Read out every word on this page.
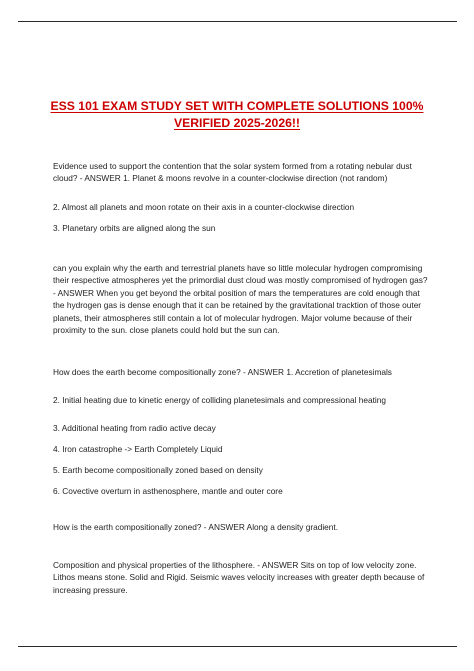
ESS 101 EXAM STUDY SET WITH COMPLETE SOLUTIONS 100% VERIFIED 2025-2026!!

Evidence used to support the contention that the solar system formed from a rotating nebular dust cloud? - ANSWER 1. Planet & moons revolve in a counter-clockwise direction (not random)

2. Almost all planets and moon rotate on their axis in a counter-clockwise direction

3. Planetary orbits are aligned along the sun

can you explain why the earth and terrestrial planets have so little molecular hydrogen compromising their respective atmospheres yet the primordial dust cloud was mostly compromised of hydrogen gas? - ANSWER When you get beyond the orbital position of mars the temperatures are cold enough that the hydrogen gas is dense enough that it can be retained by the gravitational tracktion of those outer planets, their atmospheres still contain a lot of molecular hydrogen. Major volume because of their proximity to the sun. close planets could hold but the sun can.

How does the earth become compositionally zone? - ANSWER 1. Accretion of planetesimals

2. Initial heating due to kinetic energy of colliding planetesimals and compressional heating

3. Additional heating from radio active decay

4. Iron catastrophe -> Earth Completely Liquid

5. Earth become compositionally zoned based on density

6. Covective overturn in asthenosphere, mantle and outer core

How is the earth compositionally zoned? - ANSWER Along a density gradient.

Composition and physical properties of the lithosphere. - ANSWER Sits on top of low velocity zone. Lithos means stone. Solid and Rigid. Seismic waves velocity increases with greater depth because of increasing pressure.
